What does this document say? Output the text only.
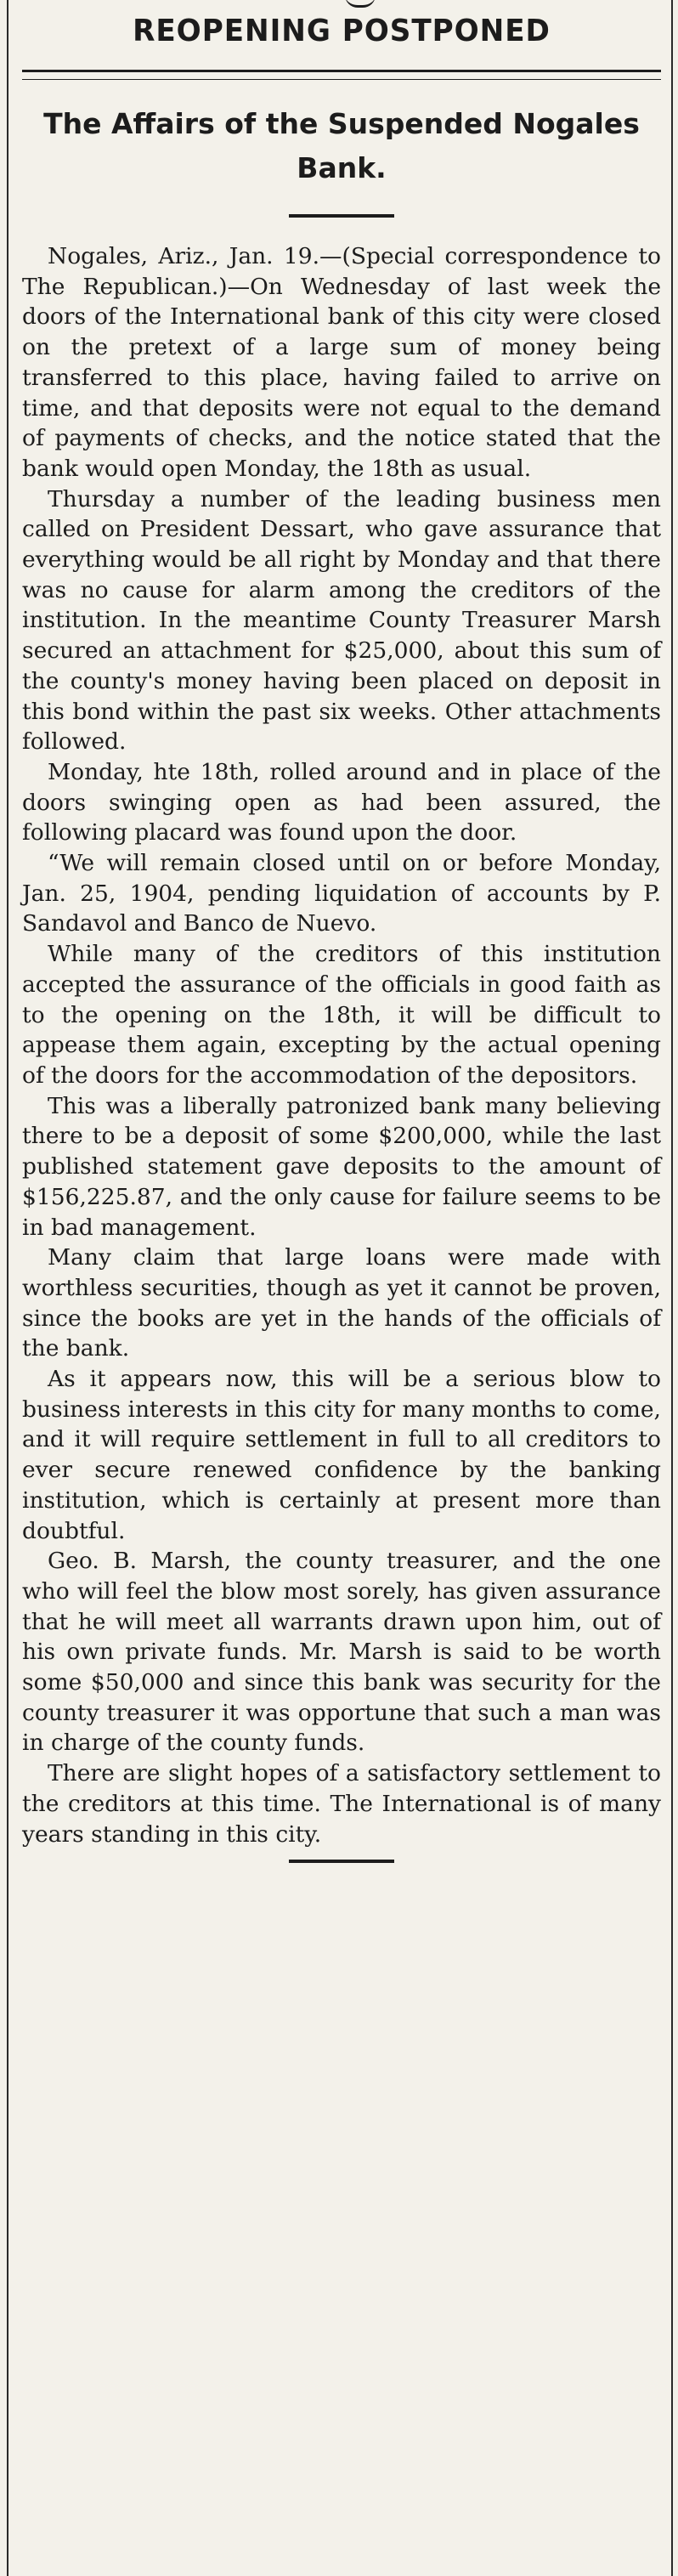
REOPENING POSTPONED
The Affairs of the Suspended Nogales Bank.

Nogales, Ariz., Jan. 19.—(Special correspondence to The Republican.)—On Wednesday of last week the doors of the International bank of this city were closed on the pretext of a large sum of money being transferred to this place, having failed to arrive on time, and that deposits were not equal to the demand of payments of checks, and the notice stated that the bank would open Monday, the 18th as usual.

Thursday a number of the leading business men called on President Dessart, who gave assurance that everything would be all right by Monday and that there was no cause for alarm among the creditors of the institution. In the meantime County Treasurer Marsh secured an attachment for $25,000, about this sum of the county's money having been placed on deposit in this bond within the past six weeks. Other attachments followed.

Monday, hte 18th, rolled around and in place of the doors swinging open as had been assured, the following placard was found upon the door.

“We will remain closed until on or before Monday, Jan. 25, 1904, pending liquidation of accounts by P. Sandavol and Banco de Nuevo.

While many of the creditors of this institution accepted the assurance of the officials in good faith as to the opening on the 18th, it will be difficult to appease them again, excepting by the actual opening of the doors for the accommodation of the depositors.

This was a liberally patronized bank many believing there to be a deposit of some $200,000, while the last published statement gave deposits to the amount of $156,225.87, and the only cause for failure seems to be in bad management.

Many claim that large loans were made with worthless securities, though as yet it cannot be proven, since the books are yet in the hands of the officials of the bank.

As it appears now, this will be a serious blow to business interests in this city for many months to come, and it will require settlement in full to all creditors to ever secure renewed confidence by the banking institution, which is certainly at present more than doubtful.

Geo. B. Marsh, the county treasurer, and the one who will feel the blow most sorely, has given assurance that he will meet all warrants drawn upon him, out of his own private funds. Mr. Marsh is said to be worth some $50,000 and since this bank was security for the county treasurer it was opportune that such a man was in charge of the county funds.

There are slight hopes of a satisfactory settlement to the creditors at this time. The International is of many years standing in this city.
